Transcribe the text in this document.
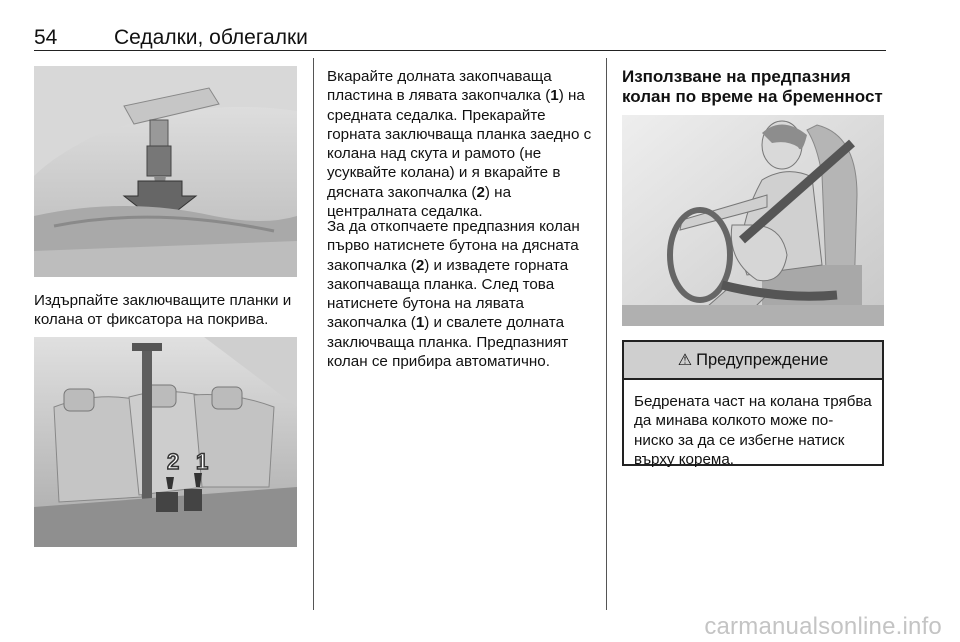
54	Седалки, облегалки

Издърпайте заключващите планки и колана от фиксатора на покрива.

2 1

Вкарайте долната закопчаваща пластина в лявата закопчалка (1) на средната седалка. Прекарайте горната заключваща планка заедно с колана над скута и рамото (не усуквайте колана) и я вкарайте в дясната закопчалка (2) на централната седалка.

За да откопчаете предпазния колан първо натиснете бутона на дясната закопчалка (2) и извадете горната закопчаваща планка. След това натиснете бутона на лявата закопчалка (1) и свалете долната заключваща планка. Предпазният колан се прибира автоматично.

Използване на предпазния колан по време на бременност
⚠ Предупреждение
Бедрената част на колана трябва да минава колкото може по-ниско за да се избегне натиск върху корема.
carmanualsonline.info
